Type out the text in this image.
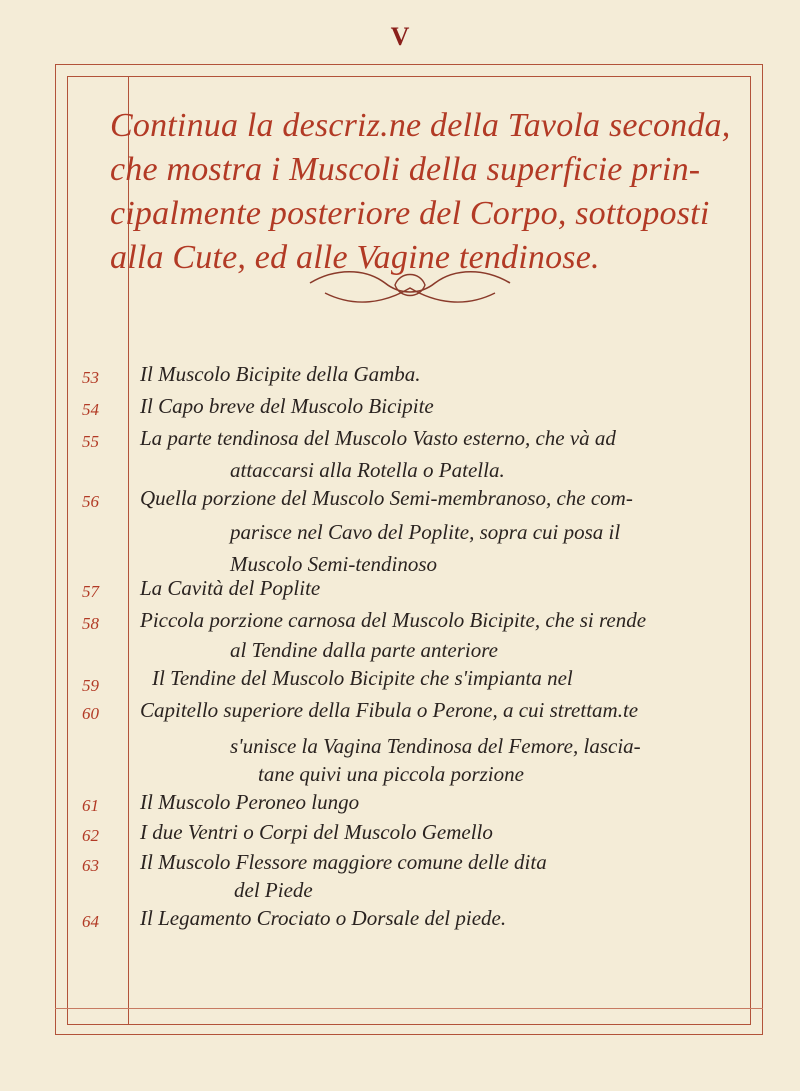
V
Continua la descriz.ne della Tavola seconda,
che mostra i Muscoli della superficie prin-
cipalmente posteriore del Corpo, sottoposti
alla Cute, ed alle Vagine tendinose.
53	Il Muscolo Bicipite della Gamba.
54	Il Capo breve del Muscolo Bicipite
55	La parte tendinosa del Muscolo Vasto esterno, che và ad
attaccarsi alla Rotella o Patella.
56	Quella porzione del Muscolo Semi-membranoso, che com-
parisce nel Cavo del Poplite, sopra cui posa il
Muscolo Semi-tendinoso
57	La Cavità del Poplite
58	Piccola porzione carnosa del Muscolo Bicipite, che si rende
al Tendine dalla parte anteriore
59	Il Tendine del Muscolo Bicipite che s'impianta nel
60	Capitello superiore della Fibula o Perone, a cui strettam.te
s'unisce la Vagina Tendinosa del Femore, lascia-
tane quivi una piccola porzione
61	Il Muscolo Peroneo lungo
62	I due Ventri o Corpi del Muscolo Gemello
63	Il Muscolo Flessore maggiore comune delle dita
del Piede
64	Il Legamento Crociato o Dorsale del piede.
